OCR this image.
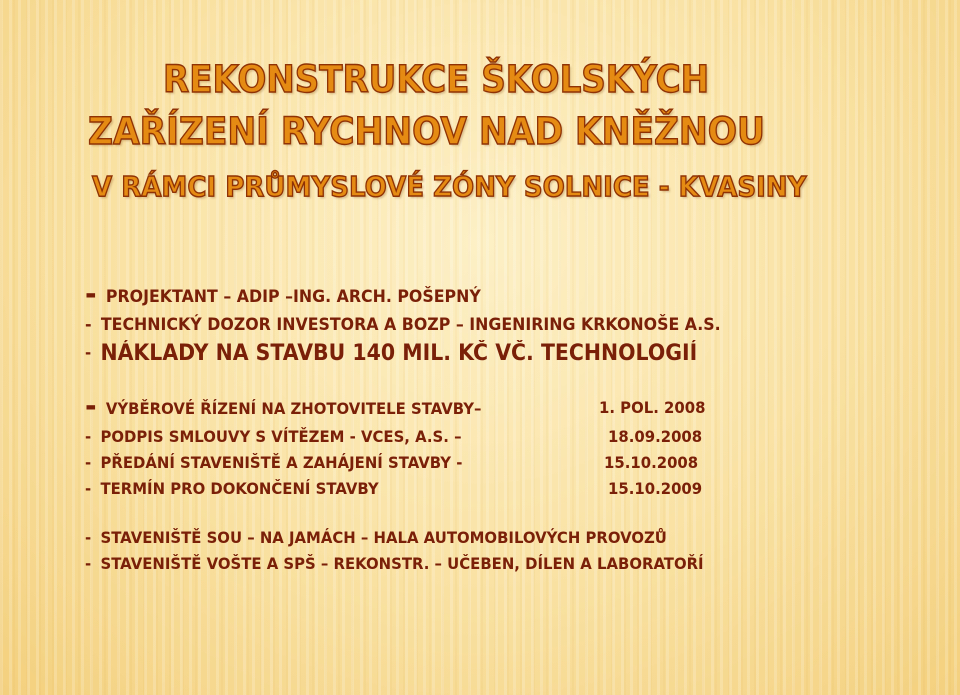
REKONSTRUKCE ŠKOLSKÝCH
ZAŘÍZENÍ RYCHNOV NAD KNĚŽNOU
V RÁMCI PRŮMYSLOVÉ ZÓNY SOLNICE - KVASINY
- PROJEKTANT – ADIP –ING. ARCH. POŠEPNÝ
- TECHNICKÝ DOZOR INVESTORA A BOZP – INGENIRING KRKONOŠE A.S.
- NÁKLADY NA STAVBU 140 MIL. KČ VČ. TECHNOLOGIÍ
- VÝBĚROVÉ ŘÍZENÍ NA ZHOTOVITELE STAVBY–	1. POL. 2008
- PODPIS SMLOUVY S VÍTĚZEM - VCES, A.S. –	18.09.2008
- PŘEDÁNÍ STAVENIŠTĚ A ZAHÁJENÍ STAVBY -	15.10.2008
- TERMÍN PRO DOKONČENÍ STAVBY	15.10.2009
- STAVENIŠTĚ SOU – NA JAMÁCH – HALA AUTOMOBILOVÝCH PROVOZŮ
- STAVENIŠTĚ VOŠTE A SPŠ – REKONSTR. – UČEBEN, DÍLEN A LABORATOŘÍ
